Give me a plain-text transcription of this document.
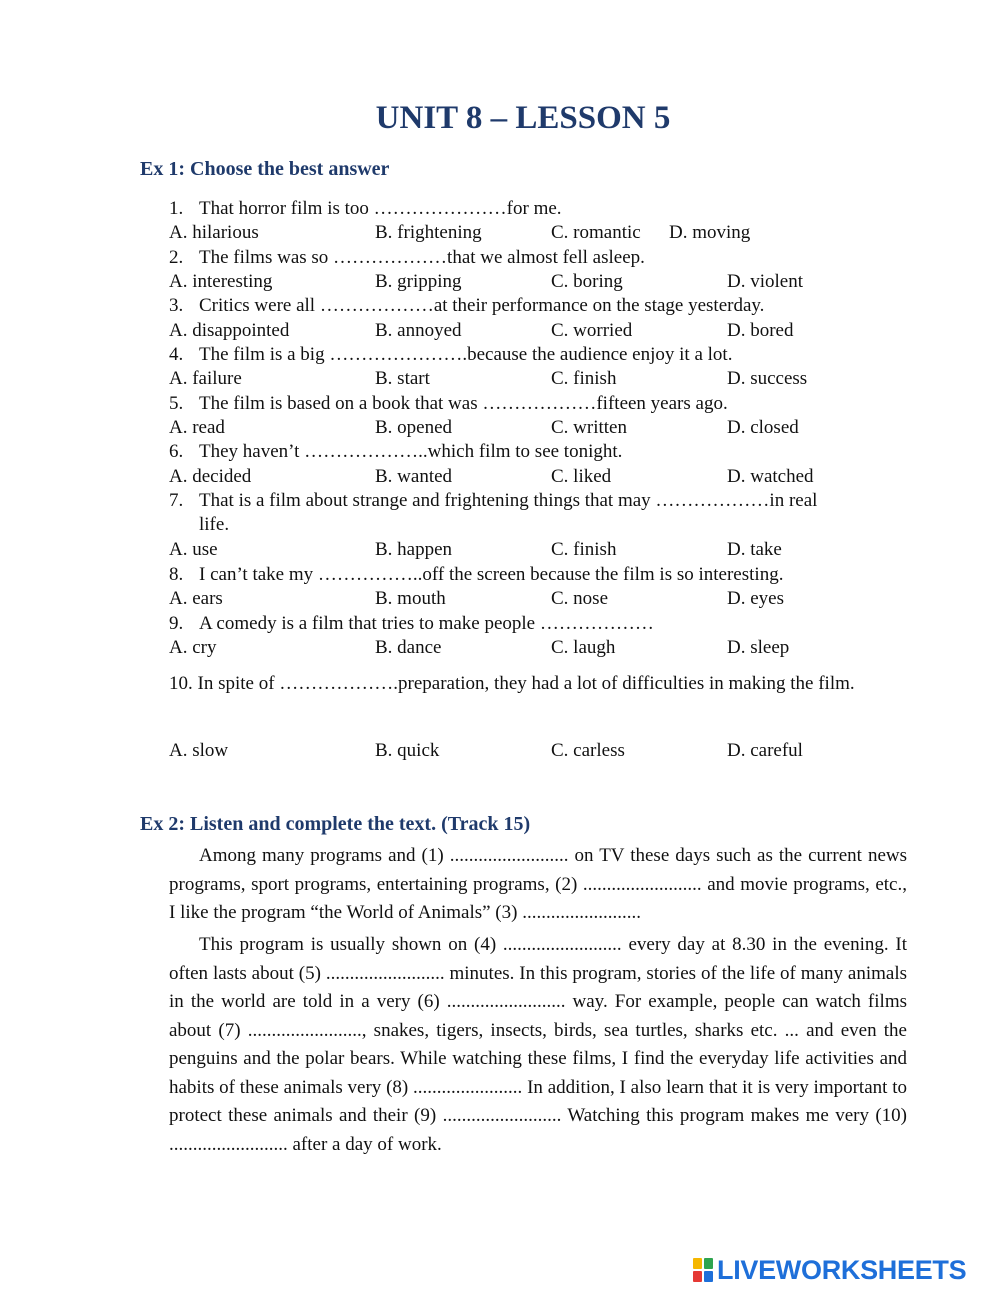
UNIT 8 – LESSON 5
Ex 1: Choose the best answer
1. That horror film is too …………………for me.
A. hilarious	B. frightening	C. romantic D. moving
2. The films was so ………………that we almost fell asleep.
A. interesting	B. gripping	C. boring	D. violent
3. Critics were all ………………at their performance on the stage yesterday.
A. disappointed	B. annoyed	C. worried	D. bored
4. The film is a big ………………….because the audience enjoy it a lot.
A. failure	B. start	C. finish	D. success
5. The film is based on a book that was ………………fifteen years ago.
A. read	B. opened	C. written	D. closed
6. They haven’t ………………..which film to see tonight.
A. decided	B. wanted	C. liked	D. watched
7. That is a film about strange and frightening things that may ………………in real
life.
A. use	B. happen	C. finish	D. take
8. I can’t take my ……………..off the screen because the film is so interesting.
A. ears	B. mouth	C. nose	D. eyes
9. A comedy is a film that tries to make people ………………
A. cry	B. dance	C. laugh	D. sleep
10. In spite of ……………….preparation, they had a lot of difficulties in making the film.
A. slow	B. quick	C. carless	D. careful
Ex 2: Listen and complete the text. (Track 15)

Among many programs and (1) ......................... on TV these days such as the current news programs, sport programs, entertaining programs, (2) ......................... and movie programs, etc., I like the program “the World of Animals” (3) .........................

This program is usually shown on (4) ......................... every day at 8.30 in the evening. It often lasts about (5) ......................... minutes. In this program, stories of the life of many animals in the world are told in a very (6) ......................... way. For example, people can watch films about (7) ........................, snakes, tigers, insects, birds, sea turtles, sharks etc. ... and even the penguins and the polar bears. While watching these films, I find the everyday life activities and habits of these animals very (8) ....................... In addition, I also learn that it is very important to protect these animals and their (9) ......................... Watching this program makes me very (10) ......................... after a day of work.

LIVEWORKSHEETS
